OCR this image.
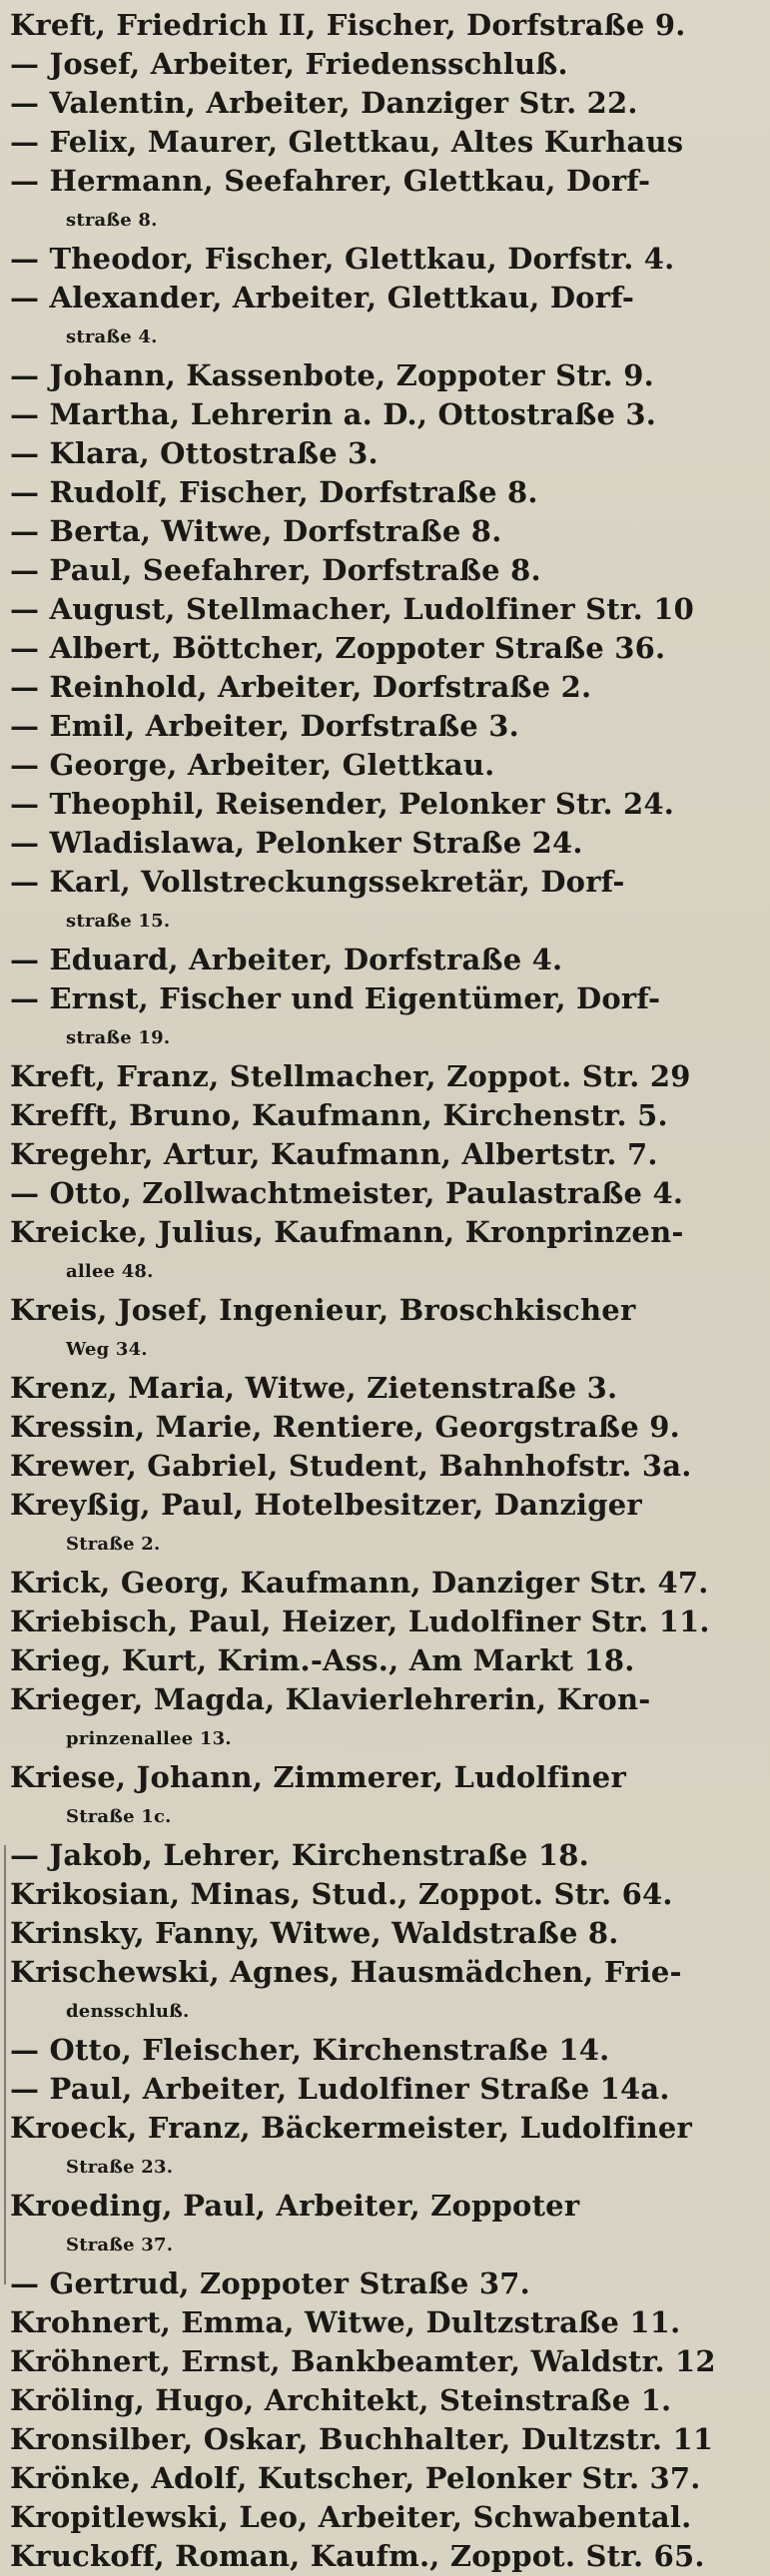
Kreft, Friedrich II, Fischer, Dorfstraße 9.
— Josef, Arbeiter, Friedensschluß.
— Valentin, Arbeiter, Danziger Str. 22.
— Felix, Maurer, Glettkau, Altes Kurhaus
— Hermann, Seefahrer, Glettkau, Dorf-
straße 8.
— Theodor, Fischer, Glettkau, Dorfstr. 4.
— Alexander, Arbeiter, Glettkau, Dorf-
straße 4.
— Johann, Kassenbote, Zoppoter Str. 9.
— Martha, Lehrerin a. D., Ottostraße 3.
— Klara, Ottostraße 3.
— Rudolf, Fischer, Dorfstraße 8.
— Berta, Witwe, Dorfstraße 8.
— Paul, Seefahrer, Dorfstraße 8.
— August, Stellmacher, Ludolfiner Str. 10
— Albert, Böttcher, Zoppoter Straße 36.
— Reinhold, Arbeiter, Dorfstraße 2.
— Emil, Arbeiter, Dorfstraße 3.
— George, Arbeiter, Glettkau.
— Theophil, Reisender, Pelonker Str. 24.
— Wladislawa, Pelonker Straße 24.
— Karl, Vollstreckungssekretär, Dorf-
straße 15.
— Eduard, Arbeiter, Dorfstraße 4.
— Ernst, Fischer und Eigentümer, Dorf-
straße 19.
Kreft, Franz, Stellmacher, Zoppot. Str. 29
Krefft, Bruno, Kaufmann, Kirchenstr. 5.
Kregehr, Artur, Kaufmann, Albertstr. 7.
— Otto, Zollwachtmeister, Paulastraße 4.
Kreicke, Julius, Kaufmann, Kronprinzen-
allee 48.
Kreis, Josef, Ingenieur, Broschkischer
Weg 34.
Krenz, Maria, Witwe, Zietenstraße 3.
Kressin, Marie, Rentiere, Georgstraße 9.
Krewer, Gabriel, Student, Bahnhofstr. 3a.
Kreyßig, Paul, Hotelbesitzer, Danziger
Straße 2.
Krick, Georg, Kaufmann, Danziger Str. 47.
Kriebisch, Paul, Heizer, Ludolfiner Str. 11.
Krieg, Kurt, Krim.-Ass., Am Markt 18.
Krieger, Magda, Klavierlehrerin, Kron-
prinzenallee 13.
Kriese, Johann, Zimmerer, Ludolfiner
Straße 1c.
— Jakob, Lehrer, Kirchenstraße 18.
Krikosian, Minas, Stud., Zoppot. Str. 64.
Krinsky, Fanny, Witwe, Waldstraße 8.
Krischewski, Agnes, Hausmädchen, Frie-
densschluß.
— Otto, Fleischer, Kirchenstraße 14.
— Paul, Arbeiter, Ludolfiner Straße 14a.
Kroeck, Franz, Bäckermeister, Ludolfiner
Straße 23.
Kroeding, Paul, Arbeiter, Zoppoter
Straße 37.
— Gertrud, Zoppoter Straße 37.
Krohnert, Emma, Witwe, Dultzstraße 11.
Kröhnert, Ernst, Bankbeamter, Waldstr. 12
Kröling, Hugo, Architekt, Steinstraße 1.
Kronsilber, Oskar, Buchhalter, Dultzstr. 11
Krönke, Adolf, Kutscher, Pelonker Str. 37.
Kropitlewski, Leo, Arbeiter, Schwabental.
Kruckoff, Roman, Kaufm., Zoppot. Str. 65.
